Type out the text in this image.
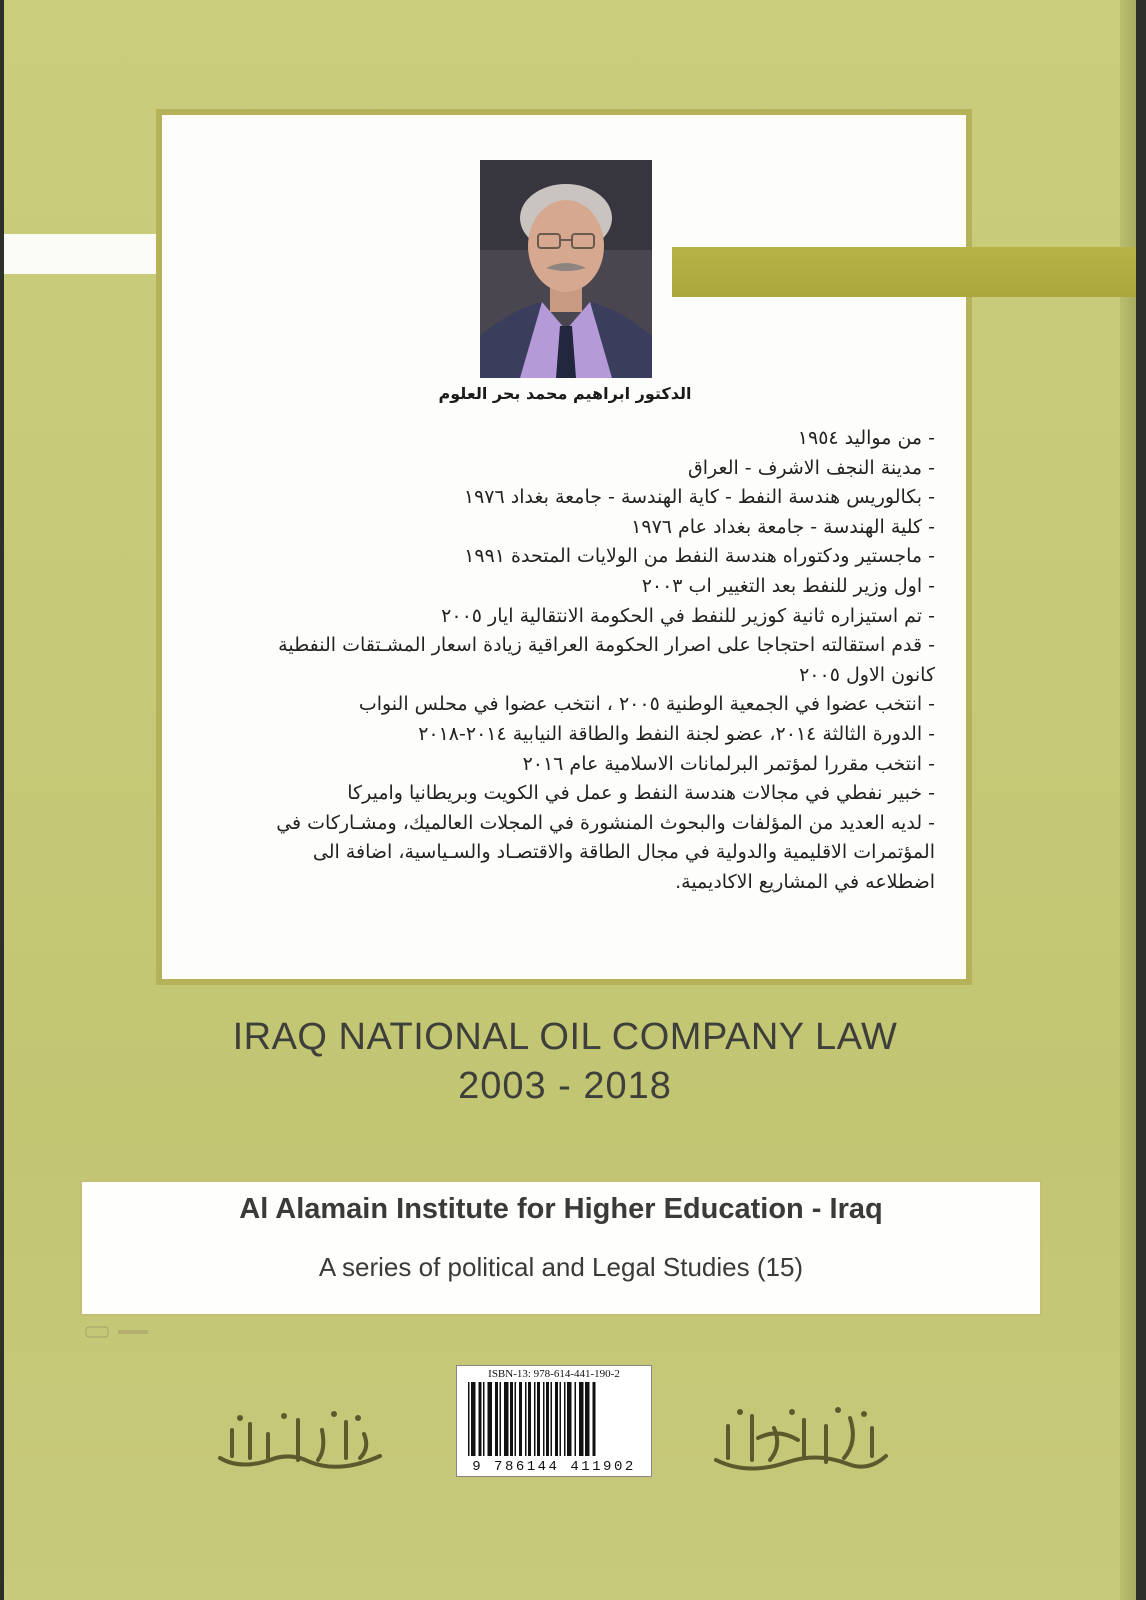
الدكتور ابراهيم محمد بحر العلوم
- من مواليد ١٩٥٤
- مدينة النجف الاشرف - العراق
- بكالوريس هندسة النفط - كاية الهندسة - جامعة بغداد ١٩٧٦
- كلية الهندسة - جامعة بغداد عام ١٩٧٦
- ماجستير ودكتوراه هندسة النفط من الولايات المتحدة ١٩٩١
- اول وزير للنفط بعد التغيير اب ٢٠٠٣
- تم استيزاره ثانية كوزير للنفط في الحكومة الانتقالية ايار ٢٠٠٥
- قدم استقالته احتجاجا على اصرار الحكومة العراقية زيادة اسعار المشـتقات النفطية
كانون الاول ٢٠٠٥
- انتخب عضوا في الجمعية الوطنية ٢٠٠٥ ، انتخب عضوا في محلس النواب
- الدورة الثالثة ٢٠١٤، عضو لجنة النفط والطاقة النيابية ٢٠١٤-٢٠١٨
- انتخب مقررا لمؤتمر البرلمانات الاسلامية عام ٢٠١٦
- خبير نفطي في مجالات هندسة النفط و عمل في الكويت وبريطانيا واميركا
- لديه العديد من المؤلفات والبحوث المنشورة في المجلات العالميك، ومشـاركات في
المؤتمرات الاقليمية والدولية في مجال الطاقة والاقتصـاد والسـياسية، اضافة الى
اضطلاعه في المشاريع الاكاديمية.
IRAQ NATIONAL OIL COMPANY LAW
2003 - 2018
Al Alamain Institute for Higher Education - Iraq
A series of political and Legal Studies (15)
ISBN-13: 978-614-441-190-2
9 786144 411902
